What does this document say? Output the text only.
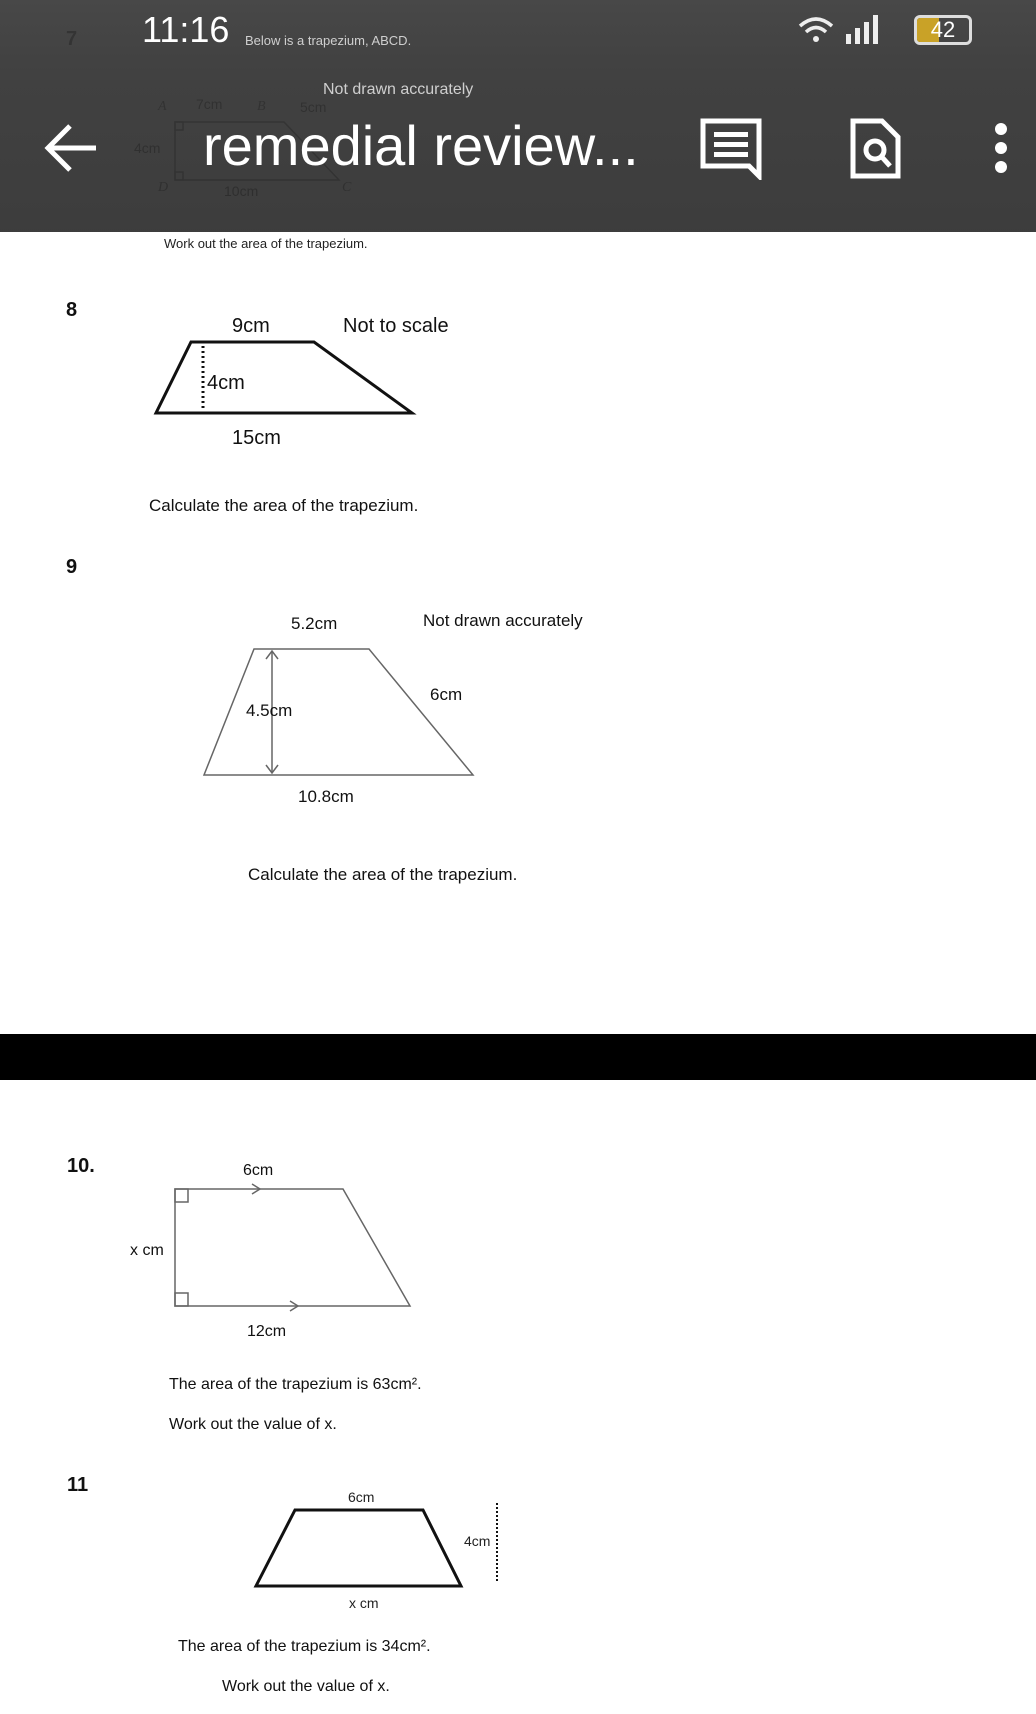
Below is a trapezium, ABCD.
Not drawn accurately
Work out the area of the trapezium.
8
9cm	Not to scale
4cm
15cm
Calculate the area of the trapezium.
9
5.2cm	Not drawn accurately
6cm
4.5cm
10.8cm
Calculate the area of the trapezium.
10.	6cm
x cm
12cm
The area of the trapezium is 63cm².
Work out the value of x.
11
6cm
4cm
x cm
The area of the trapezium is 34cm².
Work out the value of x.
11:16	42
remedial review...
